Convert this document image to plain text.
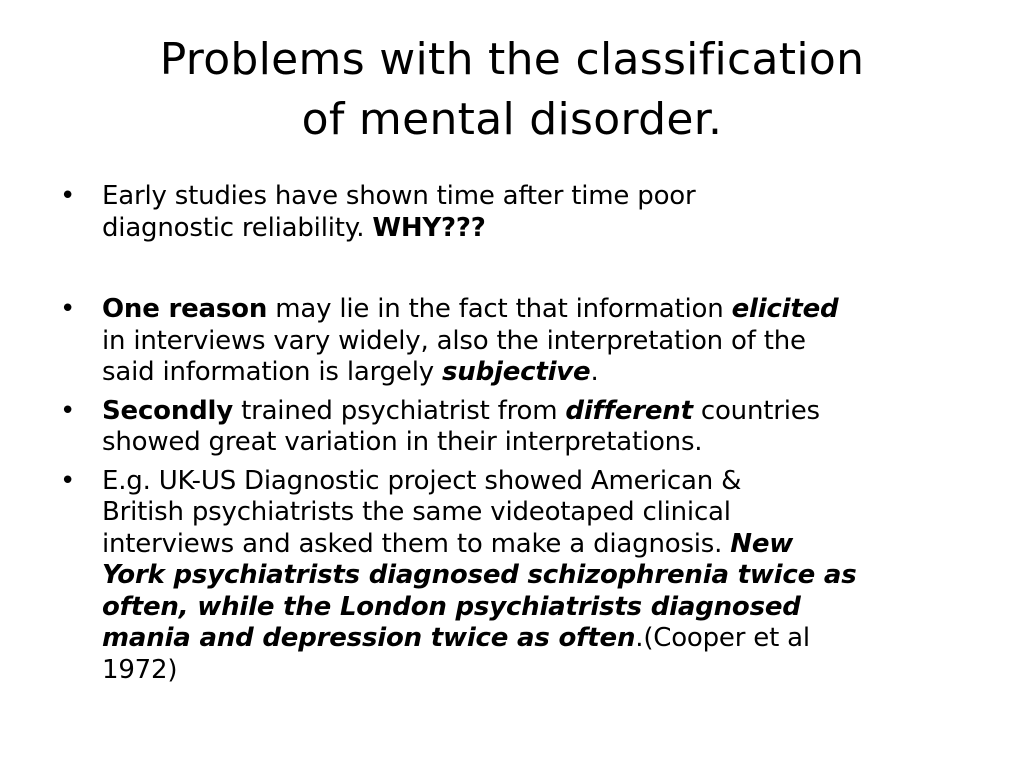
Problems with the classification
of mental disorder.
• Early studies have shown time after time poor
diagnostic reliability. WHY???
• One reason may lie in the fact that information elicited
in interviews vary widely, also the interpretation of the
said information is largely subjective.
• Secondly trained psychiatrist from different countries
showed great variation in their interpretations.
• E.g. UK-US Diagnostic project showed American &
British psychiatrists the same videotaped clinical
interviews and asked them to make a diagnosis. New
York psychiatrists diagnosed schizophrenia twice as
often, while the London psychiatrists diagnosed
mania and depression twice as often.(Cooper et al
1972)
